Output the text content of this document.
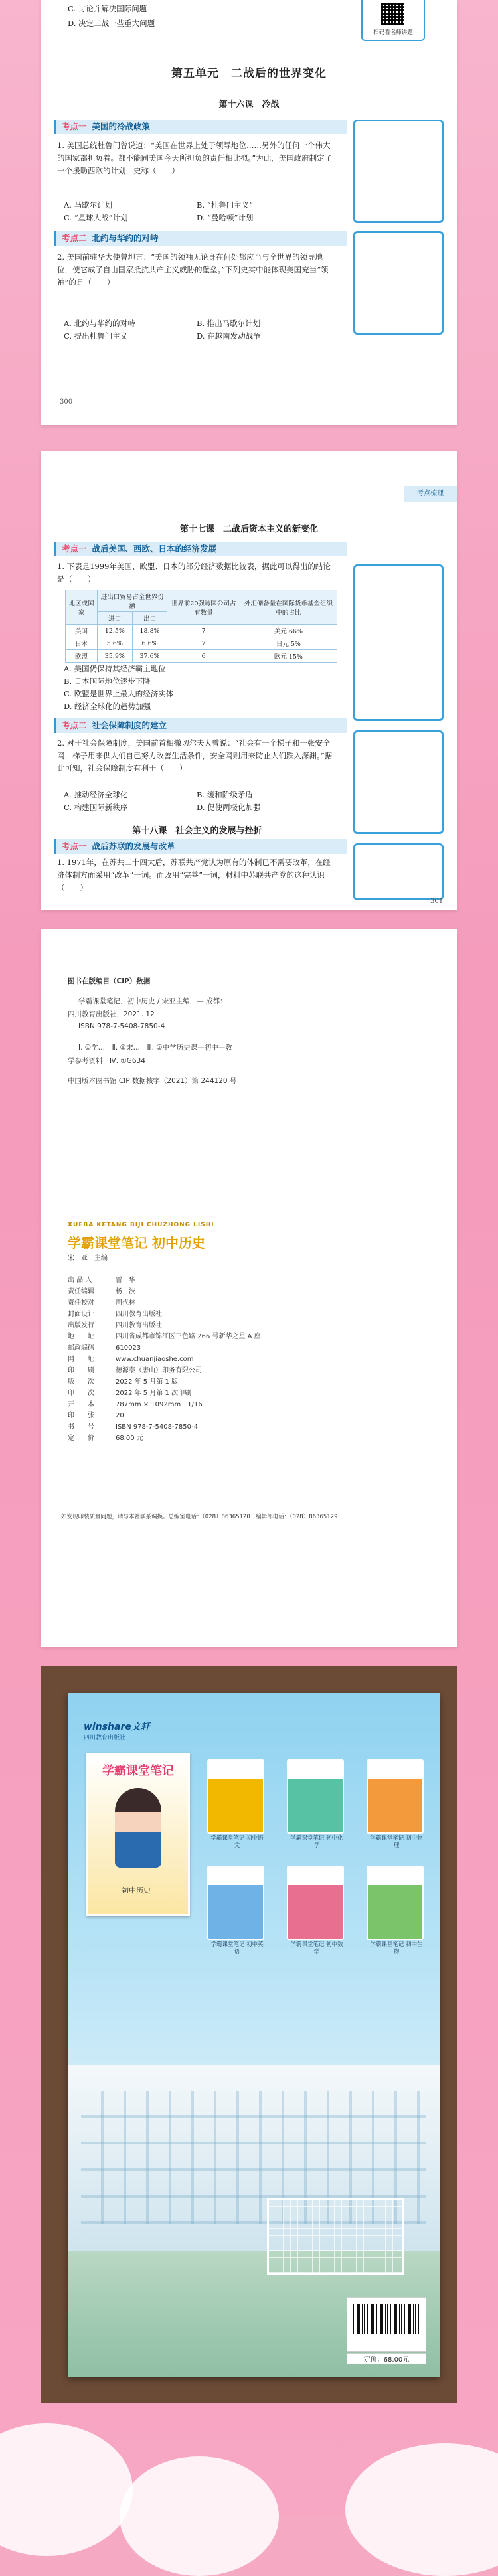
C. 讨论并解决国际问题
D. 决定二战一些重大问题
扫码看名师讲题
第五单元　二战后的世界变化
第十六课　冷战
考点一 美国的冷战政策
1. 美国总统杜鲁门曾说道：“美国在世界上处于领导地位……另外的任何一个伟大的国家都担负着。都不能同美国今天所担负的责任相比拟。”为此，美国政府制定了一个援助西欧的计划，史称（　　）
A. 马歇尔计划	B. “杜鲁门主义”
C. “星球大战”计划	D. “曼哈顿”计划
考点二 北约与华约的对峙
2. 美国前驻华大使曾坦言：“美国的领袖无论身在何处都应当与全世界的领导地位，使它成了自由国家抵抗共产主义威胁的堡垒。”下列史实中能体现美国充当“领袖”的是（　　）
A. 北约与华约的对峙	B. 推出马歇尔计划
C. 提出杜鲁门主义	D. 在越南发动战争
300
考点梳理
第十七课　二战后资本主义的新变化
考点一 战后美国、西欧、日本的经济发展
1. 下表是1999年美国、欧盟、日本的部分经济数据比较表，据此可以得出的结论是（　　）
地区或国家	进出口贸易占全世界份额		世界前20强跨国公司占有数量	外汇储备量在国际货币基金组织中的占比
	进口	出口		
美国	12.5%	18.8%	7	美元 66%
日本	5.6%	6.6%	7	日元 5%
欧盟	35.9%	37.6%	6	欧元 15%
A. 美国仍保持其经济霸主地位
B. 日本国际地位逐步下降
C. 欧盟是世界上最大的经济实体
D. 经济全球化的趋势加强
考点二 社会保障制度的建立
2. 对于社会保障制度，美国前首相撒切尔夫人曾说：“社会有一个梯子和一张安全网，梯子用来供人们自己努力改善生活条件，安全网则用来防止人们跌入深渊。”据此可知，社会保障制度有利于（　　）
A. 推动经济全球化	B. 缓和阶级矛盾
C. 构建国际新秩序	D. 促使两极化加强
第十八课　社会主义的发展与挫折
考点一 战后苏联的发展与改革
1. 1971年，在苏共二十四大后，苏联共产党认为原有的体制已不需要改革，在经济体制方面采用“改革”一词。而改用“完善”一词，材料中苏联共产党的这种认识（　　）
301
图书在版编目（CIP）数据
学霸课堂笔记．初中历史 / 宋亚主编．— 成都：
四川教育出版社，2021. 12
ISBN 978-7-5408-7850-4
Ⅰ. ①学…　Ⅱ. ①宋…　Ⅲ. ①中学历史课—初中—教
学参考资料　Ⅳ. ①G634
中国版本图书馆 CIP 数据核字（2021）第 244120 号
XUEBA KETANG BIJI CHUZHONG LISHI
学霸课堂笔记 初中历史
宋　亚　主编
出 品 人	雷　华
责任编辑	杨　波
责任校对	周代林
封面设计	四川教育出版社
出版发行	四川教育出版社
地　　址	四川省成都市锦江区三色路 266 号新华之星 A 座
邮政编码	610023
网　　址	www.chuanjiaoshe.com
印　　刷	德源泰（唐山）印务有限公司
版　　次	2022 年 5 月第 1 版
印　　次	2022 年 5 月第 1 次印刷
开　　本	787mm × 1092mm　1/16
印　　张	20
书　　号	ISBN 978-7-5408-7850-4
定　　价	68.00 元
如发现印装质量问题，请与本社联系调换。总编室电话：（028）86365120　编辑部电话：（028）86365129
winshare文轩
四川教育出版社
学霸课堂笔记
初中历史
学霸课堂笔记 初中语文
学霸课堂笔记 初中化学
学霸课堂笔记 初中物理
学霸课堂笔记 初中英语
学霸课堂笔记 初中数学
学霸课堂笔记 初中生物
定价：68.00元
